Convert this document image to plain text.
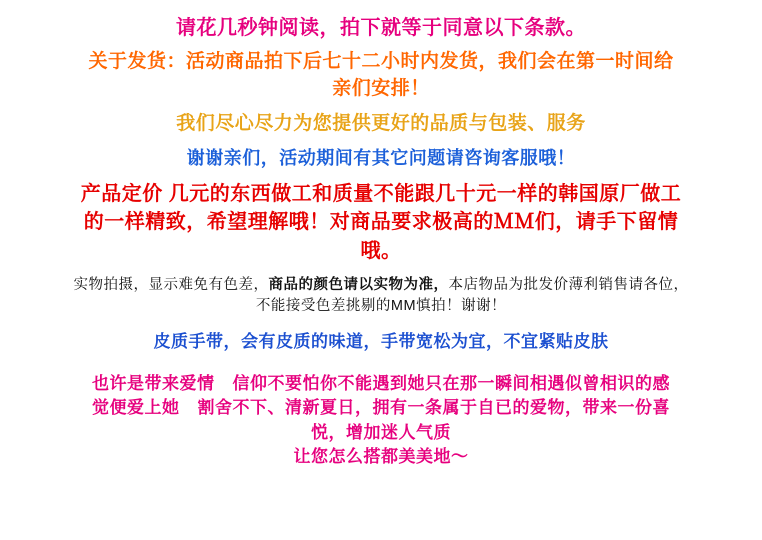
请花几秒钟阅读，拍下就等于同意以下条款。
关于发货：活动商品拍下后七十二小时内发货，我们会在第一时间给
亲们安排！
我们尽心尽力为您提供更好的品质与包装、服务
谢谢亲们，活动期间有其它问题请咨询客服哦！
产品定价 几元的东西做工和质量不能跟几十元一样的韩国原厂做工
的一样精致，希望理解哦！对商品要求极高的ＭＭ们，请手下留情
哦。
实物拍摄，显示难免有色差，商品的颜色请以实物为准，本店物品为批发价薄利销售请各位，
不能接受色差挑剔的MM慎拍！谢谢！
皮质手带，会有皮质的味道，手带宽松为宜，不宜紧贴皮肤
也许是带来爱情 信仰不要怕你不能遇到她只在那一瞬间相遇似曾相识的感
觉便爱上她 割舍不下、清新夏日，拥有一条属于自已的爱物，带来一份喜
悦，增加迷人气质
让您怎么搭都美美地～
